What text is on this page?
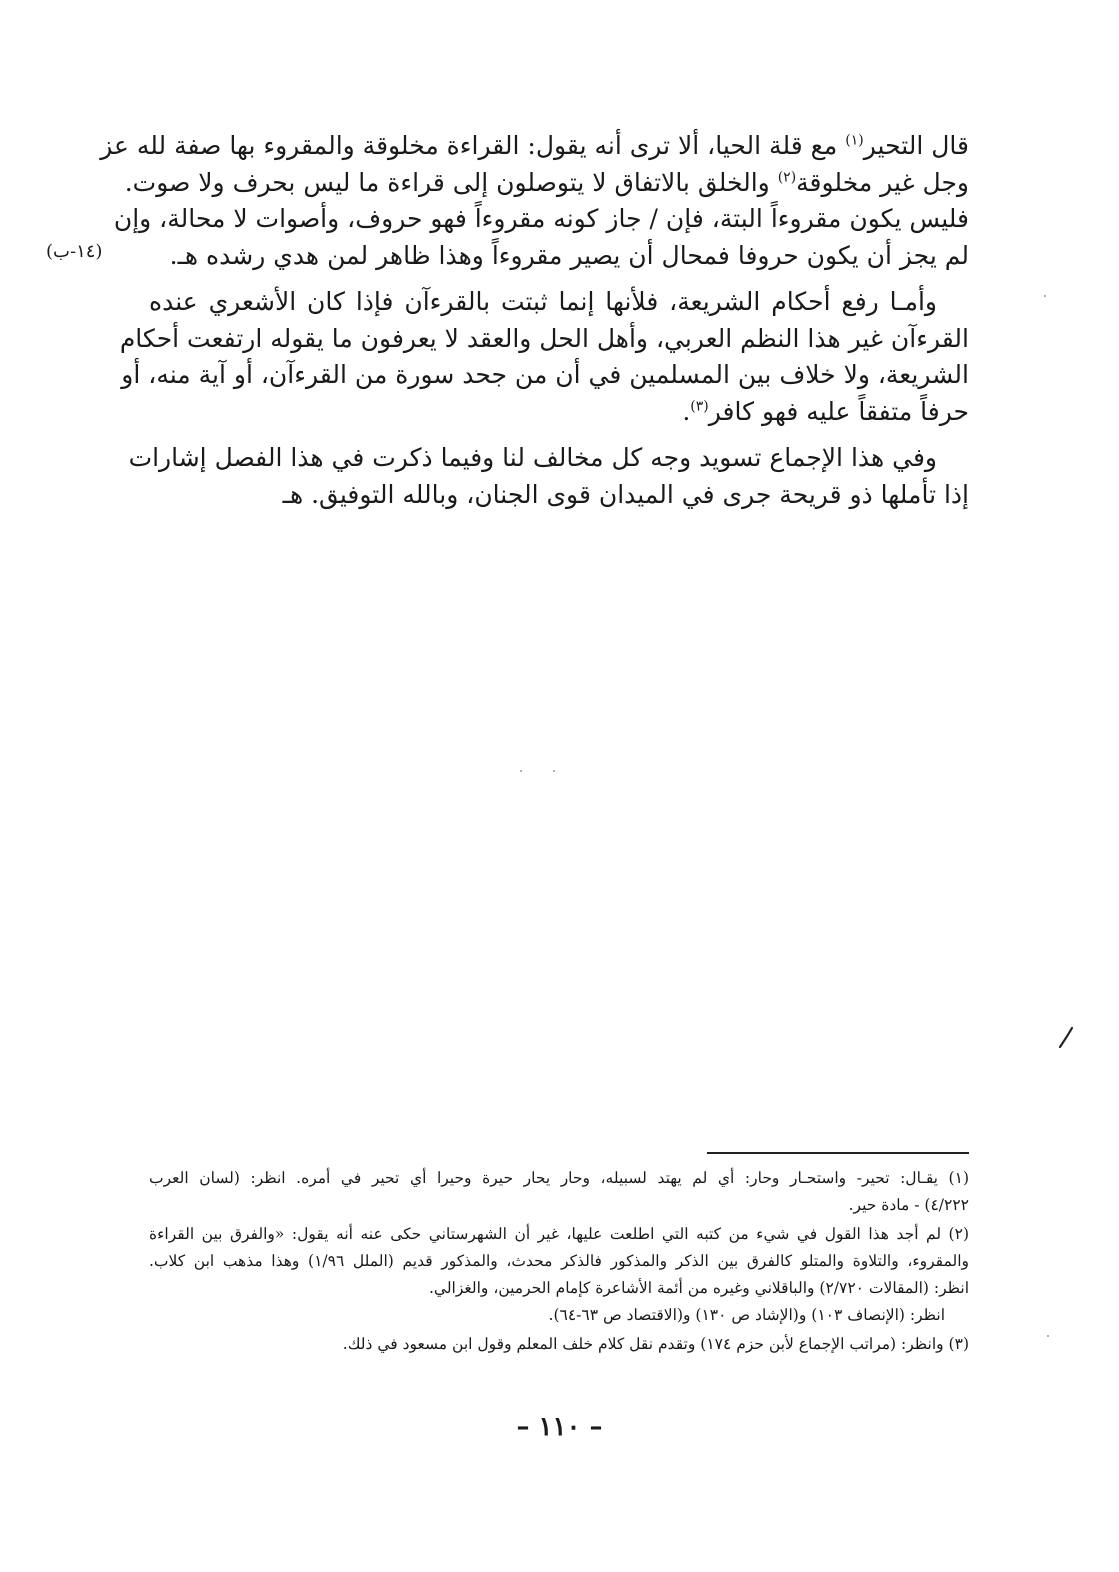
قال التحير$^{(١)}$ مع قلة الحيا، ألا ترى أنه يقول: القراءة مخلوقة والمقروء بها صفة لله عز
وجل غير مخلوقة$^{(٢)}$ والخلق بالاتفاق لا يتوصلون إلى قراءة ما ليس بحرف ولا صوت.
فليس يكون مقروءاً البتة، فإن / جاز كونه مقروءاً فهو حروف، وأصوات لا محالة، وإن
لم يجز أن يكون حروفا فمحال أن يصير مقروءاً وهذا ظاهر لمن هدي رشده هـ.

وأمـا رفع أحكام الشريعة، فلأنها إنما ثبتت بالقرءآن فإذا كان الأشعري عنده
القرءآن غير هذا النظم العربي، وأهل الحل والعقد لا يعرفون ما يقوله ارتفعت أحكام
الشريعة، ولا خلاف بين المسلمين في أن من جحد سورة من القرءآن، أو آية منه، أو
حرفاً متفقاً عليه فهو كافر$^{(٣)}$.

وفي هذا الإجماع تسويد وجه كل مخالف لنا وفيما ذكرت في هذا الفصل إشارات
إذا تأملها ذو قريحة جرى في الميدان قوى الجنان، وبالله التوفيق. هـ

(١٤-ب)
(١) يقـال: تحير- واستحـار وحار: أي لم يهتد لسبيله، وحار يحار حيرة وحيرا أي تحير في أمره. انظر: (لسان العرب
٤/٢٢٢) - مادة حير.
(٢) لم أجد هذا القول في شيء من كتبه التي اطلعت عليها، غير أن الشهرستاني حكى عنه أنه يقول: «والفرق بين القراءة
والمقروء، والتلاوة والمتلو كالفرق بين الذكر والمذكور فالذكر محدث، والمذكور قديم (الملل ١/٩٦) وهذا مذهب ابن كلاب.
انظر: (المقالات ٢/٧٢٠) والباقلاني وغيره من أئمة الأشاعرة كإمام الحرمين، والغزالي.
انظر: (الإنصاف ١٠٣) و(الإشاد ص ١٣٠) و(الاقتصاد ص ٦٣-٦٤).
(٣) وانظر: (مراتب الإجماع لأبن حزم ١٧٤) وتقدم نقل كلام خلف المعلم وقول ابن مسعود في ذلك.
– ١١٠ –
